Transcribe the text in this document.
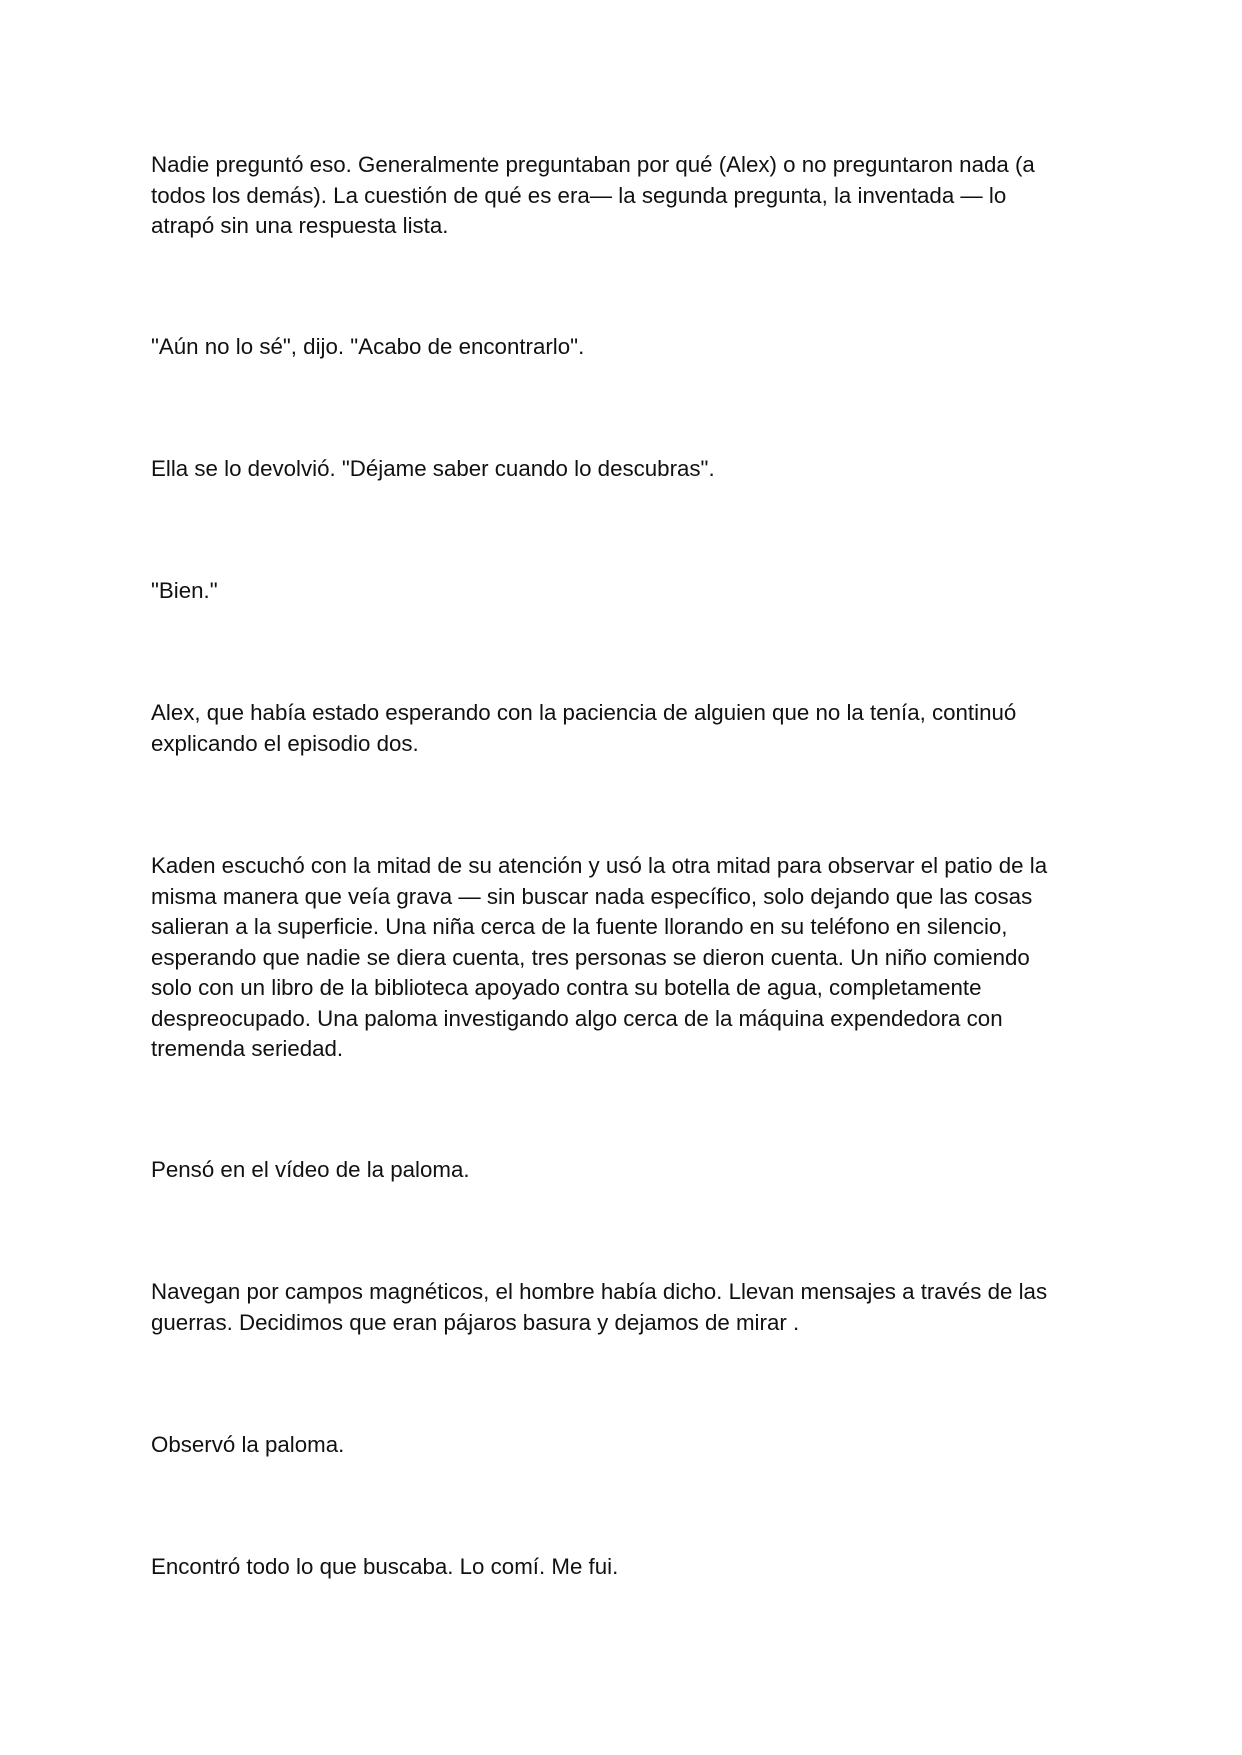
Nadie preguntó eso. Generalmente preguntaban por qué (Alex) o no preguntaron nada (a
todos los demás). La cuestión de qué es era— la segunda pregunta, la inventada — lo
atrapó sin una respuesta lista.

"Aún no lo sé", dijo. "Acabo de encontrarlo".

Ella se lo devolvió. "Déjame saber cuando lo descubras".

"Bien."

Alex, que había estado esperando con la paciencia de alguien que no la tenía, continuó
explicando el episodio dos.

Kaden escuchó con la mitad de su atención y usó la otra mitad para observar el patio de la
misma manera que veía grava — sin buscar nada específico, solo dejando que las cosas
salieran a la superficie. Una niña cerca de la fuente llorando en su teléfono en silencio,
esperando que nadie se diera cuenta, tres personas se dieron cuenta. Un niño comiendo
solo con un libro de la biblioteca apoyado contra su botella de agua, completamente
despreocupado. Una paloma investigando algo cerca de la máquina expendedora con
tremenda seriedad.

Pensó en el vídeo de la paloma.

Navegan por campos magnéticos, el hombre había dicho. Llevan mensajes a través de las
guerras. Decidimos que eran pájaros basura y dejamos de mirar .

Observó la paloma.

Encontró todo lo que buscaba. Lo comí. Me fui.
